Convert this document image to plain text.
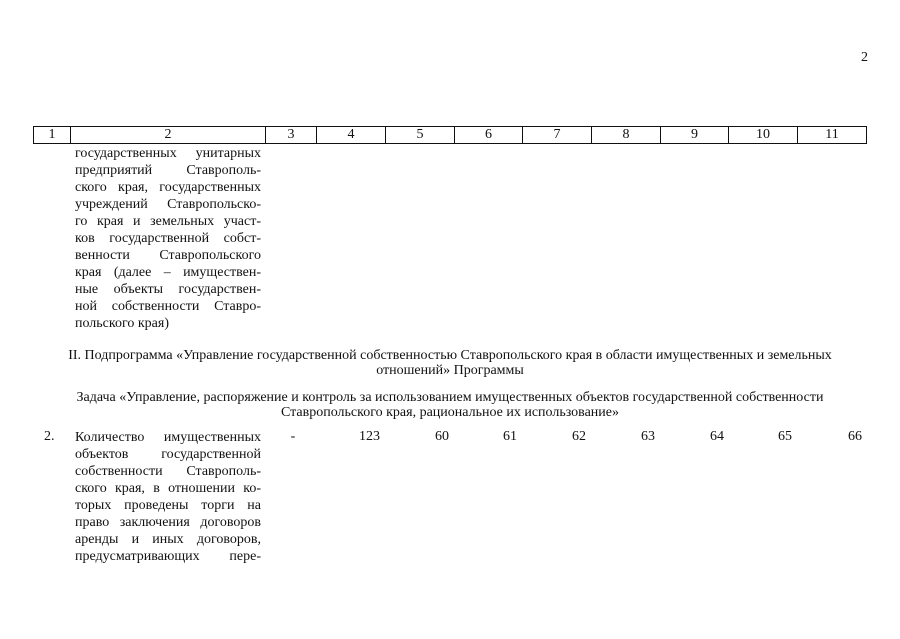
2
1	2	3	4	5	6	7	8	9	10	11
государственных унитарных
предприятий Ставрополь-
ского края, государственных
учреждений Ставропольско-
го края и земельных участ-
ков государственной собст-
венности Ставропольского
края (далее – имуществен-
ные объекты государствен-
ной собственности Ставро-
польского края)
II. Подпрограмма «Управление государственной собственностью Ставропольского края в области имущественных и земельных
отношений» Программы
Задача «Управление, распоряжение и контроль за использованием имущественных объектов государственной собственности
Ставропольского края, рациональное их использование»
2. Количество имущественных
объектов государственной
собственности Ставрополь-
ского края, в отношении ко-
торых проведены торги на
право заключения договоров
аренды и иных договоров,
предусматривающих пере-
-	123	60	61	62	63	64	65	66
